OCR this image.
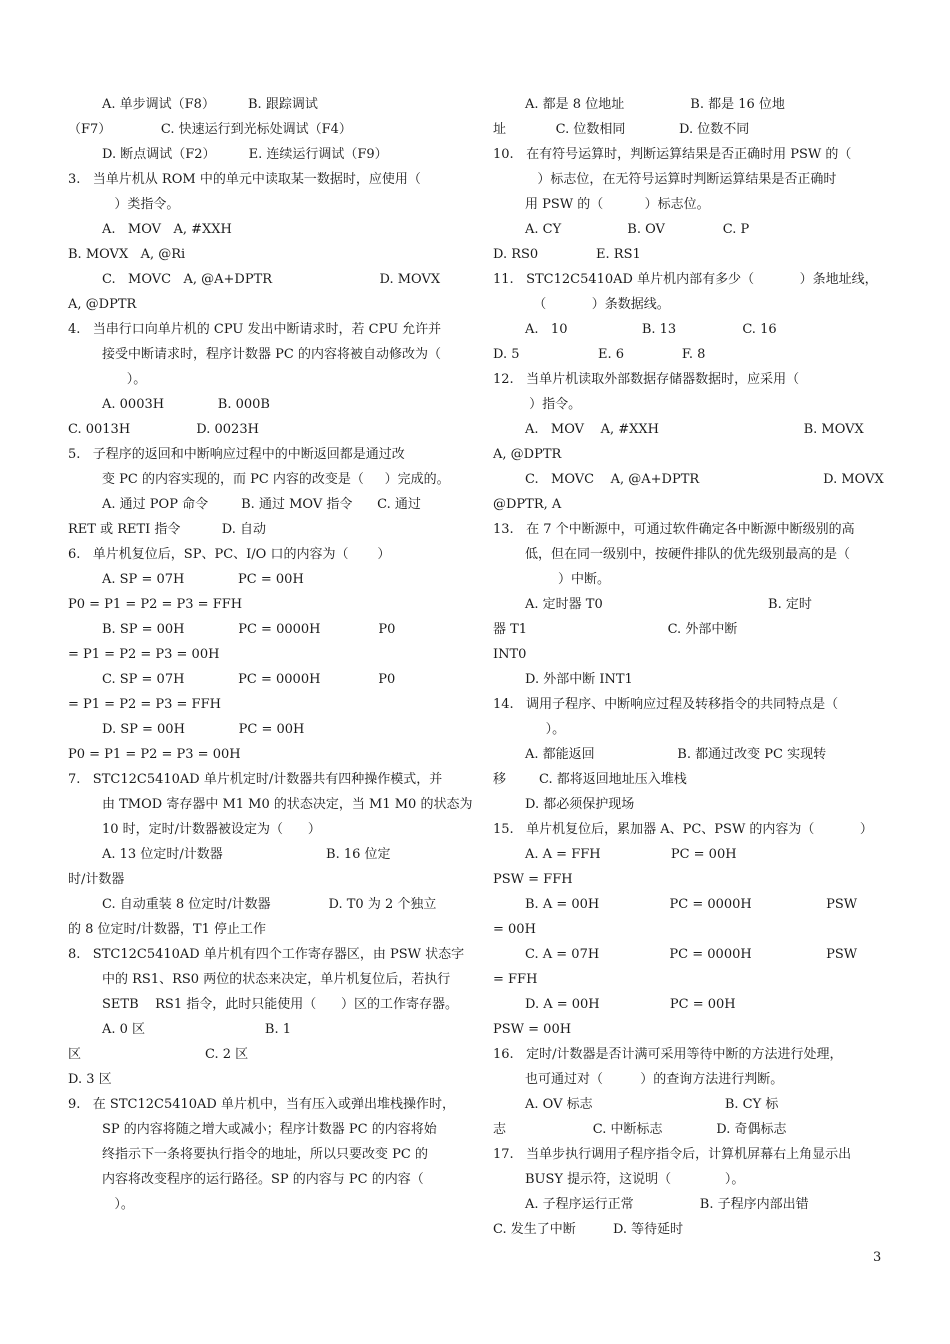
A. 单步调试（F8）        B. 跟踪调试
（F7）            C. 快速运行到光标处调试（F4）
D. 断点调试（F2）        E. 连续运行调试（F9）
3.   当单片机从 ROM 中的单元中读取某一数据时，应使用（
）类指令。
A.   MOV   A, #XXH
B. MOVX   A, @Ri
C.   MOVC   A, @A+DPTR                          D. MOVX
A, @DPTR
4.   当串行口向单片机的 CPU 发出中断请求时，若 CPU 允许并
接受中断请求时，程序计数器 PC 的内容将被自动修改为（
）。
A. 0003H             B. 000B
C. 0013H                D. 0023H
5.   子程序的返回和中断响应过程中的中断返回都是通过改
变 PC 的内容实现的，而 PC 内容的改变是（     ）完成的。
A. 通过 POP 命令        B. 通过 MOV 指令      C. 通过
RET 或 RETI 指令          D. 自动
6.   单片机复位后，SP、PC、I/O 口的内容为（       ）
A. SP = 07H             PC = 00H
P0 = P1 = P2 = P3 = FFH
B. SP = 00H             PC = 0000H              P0
= P1 = P2 = P3 = 00H
C. SP = 07H             PC = 0000H              P0
= P1 = P2 = P3 = FFH
D. SP = 00H             PC = 00H
P0 = P1 = P2 = P3 = 00H
7.   STC12C5410AD 单片机定时/计数器共有四种操作模式，并
由 TMOD 寄存器中 M1 M0 的状态决定，当 M1 M0 的状态为
10 时，定时/计数器被设定为（      ）
A. 13 位定时/计数器                         B. 16 位定
时/计数器
C. 自动重装 8 位定时/计数器              D. T0 为 2 个独立
的 8 位定时/计数器，T1 停止工作
8.   STC12C5410AD 单片机有四个工作寄存器区，由 PSW 状态字
中的 RS1、RS0 两位的状态来决定，单片机复位后，若执行
SETB    RS1 指令，此时只能使用（      ）区的工作寄存器。
A. 0 区                             B. 1
区                              C. 2 区
D. 3 区
9.   在 STC12C5410AD 单片机中，当有压入或弹出堆栈操作时，
SP 的内容将随之增大或减小；程序计数器 PC 的内容将始
终指示下一条将要执行指令的地址，所以只要改变 PC 的
内容将改变程序的运行路径。SP 的内容与 PC 的内容（
）。
A. 都是 8 位地址                B. 都是 16 位地
址            C. 位数相同             D. 位数不同
10.   在有符号运算时，判断运算结果是否正确时用 PSW 的（
）标志位，在无符号运算时判断运算结果是否正确时
用 PSW 的（          ）标志位。
A. CY                B. OV              C. P
D. RS0              E. RS1
11.   STC12C5410AD 单片机内部有多少（           ）条地址线，
（           ）条数据线。
A.   10                  B. 13                C. 16
D. 5                   E. 6              F. 8
12.   当单片机读取外部数据存储器数据时，应采用（
）指令。
A.   MOV    A, #XXH                                   B. MOVX
A, @DPTR
C.   MOVC    A, @A+DPTR                              D. MOVX
@DPTR, A
13.   在 7 个中断源中，可通过软件确定各中断源中断级别的高
低，但在同一级别中，按硬件排队的优先级别最高的是（
）中断。
A. 定时器 T0                                        B. 定时
器 T1                                  C. 外部中断
INT0
D. 外部中断 INT1
14.   调用子程序、中断响应过程及转移指令的共同特点是（
）。
A. 都能返回                    B. 都通过改变 PC 实现转
移        C. 都将返回地址压入堆栈
D. 都必须保护现场
15.   单片机复位后，累加器 A、PC、PSW 的内容为（           ）
A. A = FFH                 PC = 00H
PSW = FFH
B. A = 00H                 PC = 0000H                  PSW
= 00H
C. A = 07H                 PC = 0000H                  PSW
= FFH
D. A = 00H                 PC = 00H
PSW = 00H
16.   定时/计数器是否计满可采用等待中断的方法进行处理，
也可通过对（         ）的查询方法进行判断。
A. OV 标志                                B. CY 标
志                     C. 中断标志             D. 奇偶标志
17.   当单步执行调用子程序指令后，计算机屏幕右上角显示出
BUSY 提示符，这说明（             ）。
A. 子程序运行正常                B. 子程序内部出错
C. 发生了中断         D. 等待延时
3
